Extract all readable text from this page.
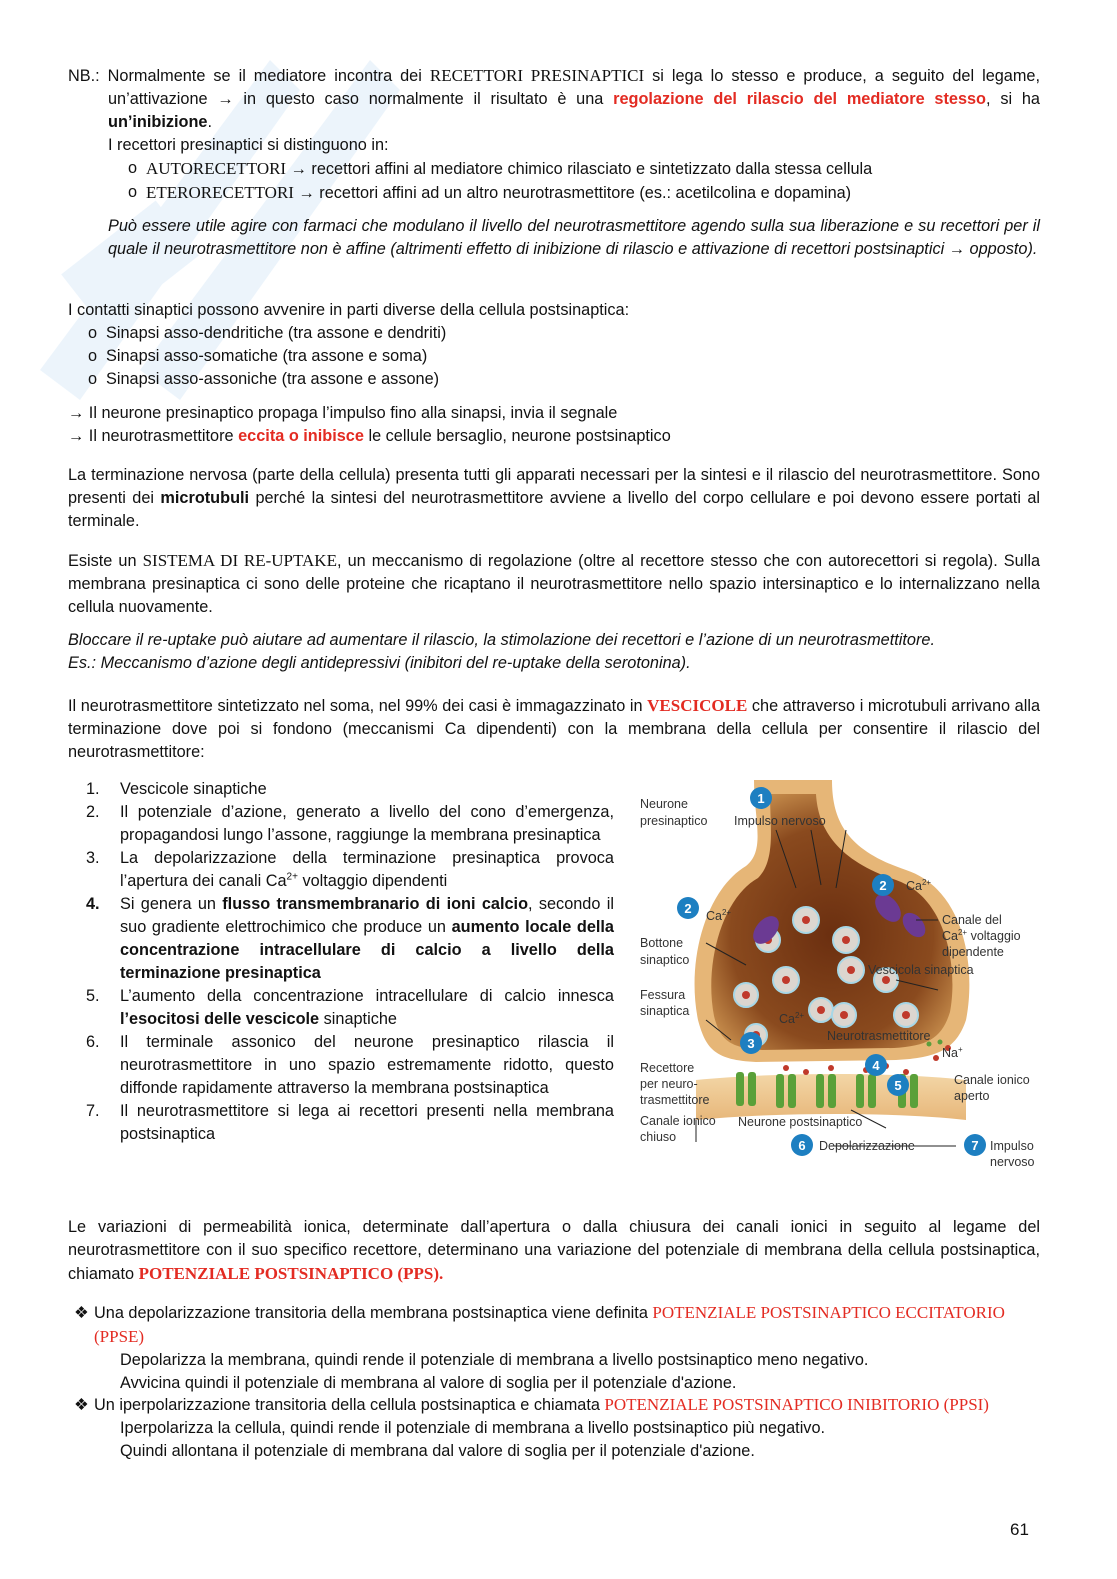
NB.: Normalmente se il mediatore incontra dei RECETTORI PRESINAPTICI si lega lo stesso e produce, a seguito del legame, un’attivazione → in questo caso normalmente il risultato è una regolazione del rilascio del mediatore stesso, si ha un’inibizione.

I recettori presinaptici si distinguono in:

o AUTORECETTORI → recettori affini al mediatore chimico rilasciato e sintetizzato dalla stessa cellula
o ETERORECETTORI → recettori affini ad un altro neurotrasmettitore (es.: acetilcolina e dopamina)

Può essere utile agire con farmaci che modulano il livello del neurotrasmettitore agendo sulla sua liberazione e su recettori per il quale il neurotrasmettitore non è affine (altrimenti effetto di inibizione di rilascio e attivazione di recettori postsinaptici → opposto).

I contatti sinaptici possono avvenire in parti diverse della cellula postsinaptica:

o Sinapsi asso-dendritiche (tra assone e dendriti)
o Sinapsi asso-somatiche (tra assone e soma)
o Sinapsi asso-assoniche (tra assone e assone)

→ Il neurone presinaptico propaga l’impulso fino alla sinapsi, invia il segnale

→ Il neurotrasmettitore eccita o inibisce le cellule bersaglio, neurone postsinaptico

La terminazione nervosa (parte della cellula) presenta tutti gli apparati necessari per la sintesi e il rilascio del neurotrasmettitore. Sono presenti dei microtubuli perché la sintesi del neurotrasmettitore avviene a livello del corpo cellulare e poi devono essere portati al terminale.

Esiste un SISTEMA DI RE-UPTAKE, un meccanismo di regolazione (oltre al recettore stesso che con autorecettori si regola). Sulla membrana presinaptica ci sono delle proteine che ricaptano il neurotrasmettitore nello spazio intersinaptico e lo internalizzano nella cellula nuovamente.

Bloccare il re-uptake può aiutare ad aumentare il rilascio, la stimolazione dei recettori e l’azione di un neurotrasmettitore.

Es.: Meccanismo d’azione degli antidepressivi (inibitori del re-uptake della serotonina).

Il neurotrasmettitore sintetizzato nel soma, nel 99% dei casi è immagazzinato in VESCICOLE che attraverso i microtubuli arrivano alla terminazione dove poi si fondono (meccanismi Ca dipendenti) con la membrana della cellula per consentire il rilascio del neurotrasmettitore:

1.	Vescicole sinaptiche
2.	Il potenziale d’azione, generato a livello del cono d’emergenza, propagandosi lungo l’assone, raggiunge la membrana presinaptica
3.	La depolarizzazione della terminazione presinaptica provoca l’apertura dei canali $Ca^{2+}$ voltaggio dipendenti
4.	Si genera un flusso transmembranario di ioni calcio, secondo il suo gradiente elettrochimico che produce un aumento locale della concentrazione intracellulare di calcio a livello della terminazione presinaptica
5.	L’aumento della concentrazione intracellulare di calcio innesca l’esocitosi delle vescicole sinaptiche
6.	Il terminale assonico del neurone presinaptico rilascia il neurotrasmettitore in uno spazio estremamente ridotto, questo diffonde rapidamente attraverso la membrana postsinaptica
7.	Il neurotrasmettitore si lega ai recettori presenti nella membrana postsinaptica
1
2
2
3
4
5
6	7
Neurone
presinaptico Impulso nervoso
$Ca^{2+}$
$Ca^{2+}$
Canale del
$Ca^{2+}$ voltaggio
dipendente
Bottone
sinaptico
Vescicola sinaptica
Fessura
sinaptica
$Ca^{2+}$
Neurotrasmettitore
Na+
Recettore
per neuro-
trasmettitore
Canale ionico
aperto
Canale ionico
chiuso
Neurone postsinaptico
Depolarizzazione	Impulso
nervoso

Le variazioni di permeabilità ionica, determinate dall’apertura o dalla chiusura dei canali ionici in seguito al legame del neurotrasmettitore con il suo specifico recettore, determinano una variazione del potenziale di membrana della cellula postsinaptica, chiamato POTENZIALE POSTSINAPTICO (PPS).

❖ Una depolarizzazione transitoria della membrana postsinaptica viene definita POTENZIALE POSTSINAPTICO ECCITATORIO (PPSE)

Depolarizza la membrana, quindi rende il potenziale di membrana a livello postsinaptico meno negativo.

Avvicina quindi il potenziale di membrana al valore di soglia per il potenziale d'azione.

❖ Un iperpolarizzazione transitoria della cellula postsinaptica e chiamata POTENZIALE POSTSINAPTICO INIBITORIO (PPSI)

Iperpolarizza la cellula, quindi rende il potenziale di membrana a livello postsinaptico più negativo.

Quindi allontana il potenziale di membrana dal valore di soglia per il potenziale d'azione.

61
